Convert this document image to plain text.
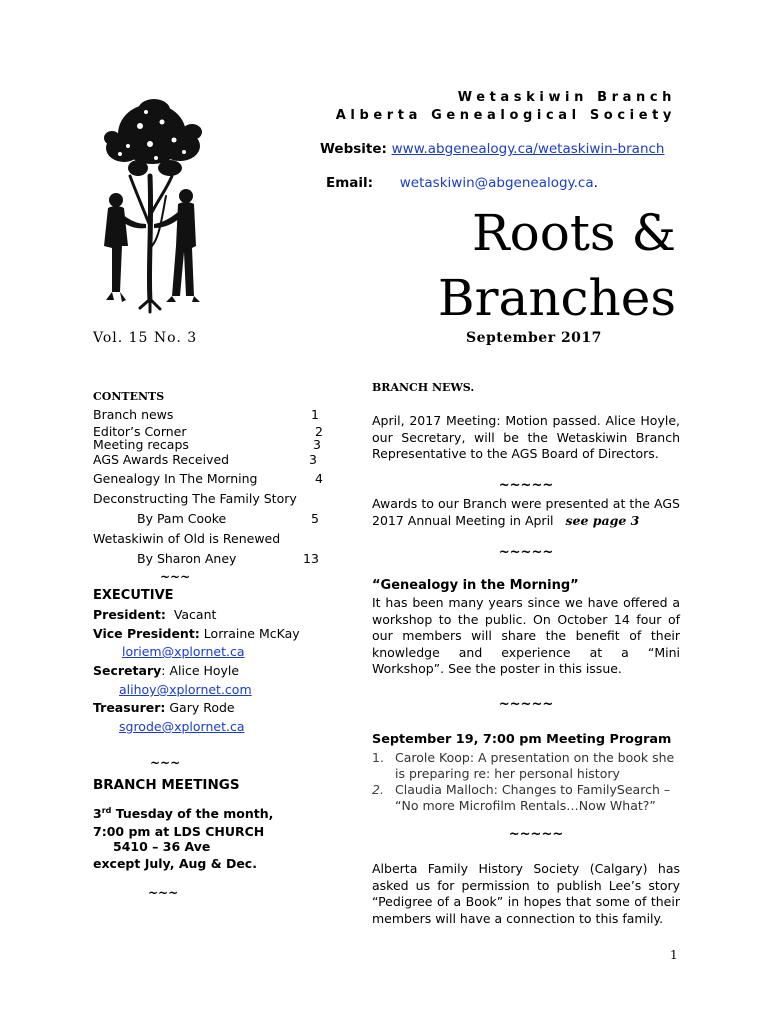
Wetaskiwin Branch
Alberta Genealogical Society
Website: www.abgenealogy.ca/wetaskiwin-branch
Email: wetaskiwin@abgenealogy.ca.
Roots &
Branches
Vol. 15 No. 3	September 2017
CONTENTS
Branch news	1
Editor’s Corner	2
Meeting recaps	3
AGS Awards Received	3
Genealogy In The Morning	4
Deconstructing The Family Story
By Pam Cooke	5
Wetaskiwin of Old is Renewed
By Sharon Aney	13
~~~
EXECUTIVE
President: Vacant
Vice President: Lorraine McKay
loriem@xplornet.ca
Secretary: Alice Hoyle
alihoy@xplornet.com
Treasurer: Gary Rode
sgrode@xplornet.ca
~~~
BRANCH MEETINGS
3rd Tuesday of the month,
7:00 pm at LDS CHURCH
5410 – 36 Ave
except July, Aug & Dec.
~~~
BRANCH NEWS.
April, 2017 Meeting: Motion passed. Alice Hoyle, our Secretary, will be the Wetaskiwin Branch Representative to the AGS Board of Directors.
~~~~~
Awards to our Branch were presented at the AGS 2017 Annual Meeting in April see page 3
~~~~~
“Genealogy in the Morning”
It has been many years since we have offered a workshop to the public. On October 14 four of our members will share the benefit of their knowledge and experience at a “Mini Workshop”. See the poster in this issue.
~~~~~
September 19, 7:00 pm Meeting Program
1. Carole Koop: A presentation on the book she is preparing re: her personal history
2. Claudia Malloch: Changes to FamilySearch – “No more Microfilm Rentals…Now What?”
~~~~~
Alberta Family History Society (Calgary) has asked us for permission to publish Lee’s story “Pedigree of a Book” in hopes that some of their members will have a connection to this family.
1
